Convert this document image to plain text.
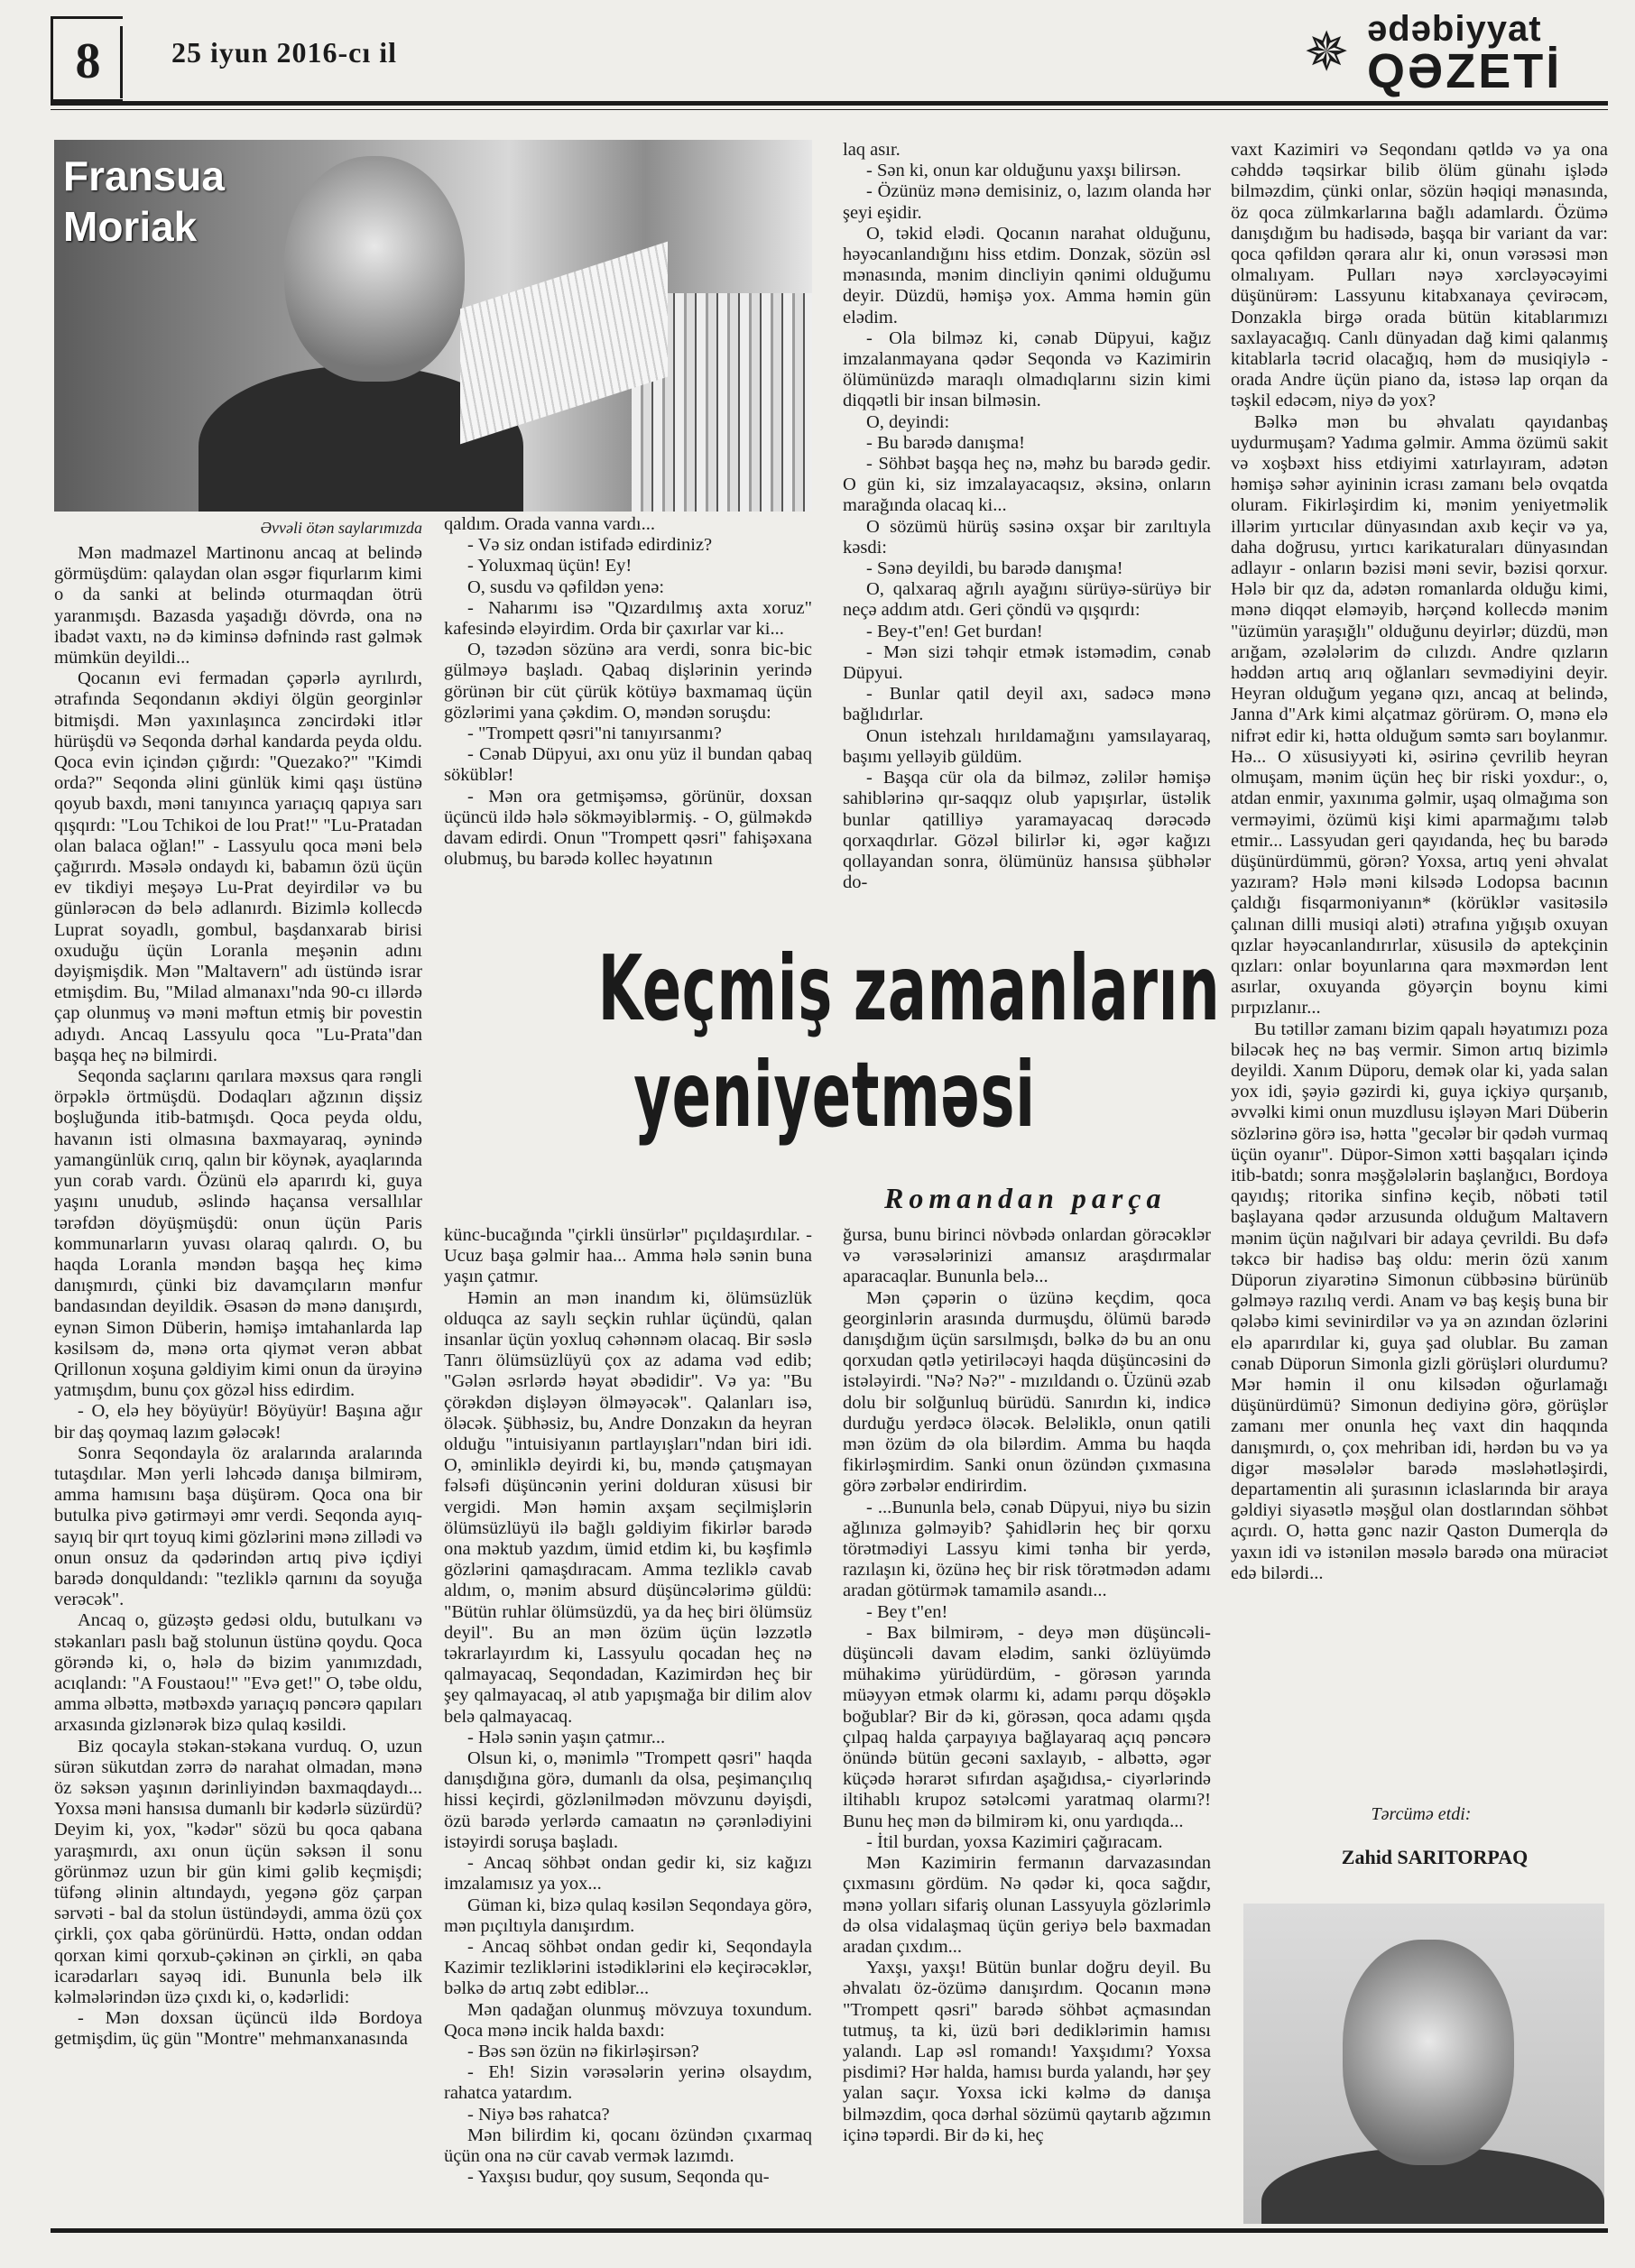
8	25 iyun 2016-cı il	✵ ədəbiyyat
QƏZETİ
Fransua
Moriak
Əvvəli ötən saylarımızda

Mən madmazel Martinonu ancaq at belində görmüşdüm: qalaydan olan əsgər fiqurlarım kimi o da sanki at belində oturmaqdan ötrü yaranmışdı. Bazasda yaşadığı dövrdə, ona nə ibadət vaxtı, nə də kiminsə dəfnində rast gəlmək mümkün deyildi...

Qocanın evi fermadan çəpərlə ayrılırdı, ətrafında Seqondanın əkdiyi ölgün georginlər bitmişdi. Mən yaxınlaşınca zəncirdəki itlər hürüşdü və Seqonda dərhal kandarda peyda oldu. Qoca evin içindən çığırdı: "Quezako?" "Kimdi orda?" Seqonda əlini günlük kimi qaşı üstünə qoyub baxdı, məni tanıyınca yarıaçıq qapıya sarı qışqırdı: "Lou Tchikoi de lou Prat!" "Lu-Pratadan olan balaca oğlan!" - Lassyulu qoca məni belə çağırırdı. Məsələ ondaydı ki, babamın özü üçün ev tikdiyi meşəyə Lu-Prat deyirdilər və bu günlərəcən də belə adlanırdı. Bizimlə kollecdə Luprat soyadlı, gombul, başdanxarab birisi oxuduğu üçün Loranla meşənin adını dəyişmişdik. Mən "Maltavern" adı üstündə israr etmişdim. Bu, "Milad almanaxı"nda 90-cı illərdə çap olunmuş və məni məftun etmiş bir povestin adıydı. Ancaq Lassyulu qoca "Lu-Prata"dan başqa heç nə bilmirdi.

Seqonda saçlarını qarılara məxsus qara rəngli örpəklə örtmüşdü. Dodaqları ağzının dişsiz boşluğunda itib-batmışdı. Qoca peyda oldu, havanın isti olmasına baxmayaraq, əynində yamangünlük cırıq, qalın bir köynək, ayaqlarında yun corab vardı. Özünü elə aparırdı ki, guya yaşını unudub, əslində haçansa versallılar tərəfdən döyüşmüşdü: onun üçün Paris kommunarların yuvası olaraq qalırdı. O, bu haqda Loranla məndən başqa heç kimə danışmırdı, çünki biz davamçıların mənfur bandasından deyildik. Əsasən də mənə danışırdı, eynən Simon Düberin, həmişə imtahanlarda lap kəsilsəm də, mənə orta qiymət verən abbat Qrillonun xoşuna gəldiyim kimi onun da ürəyinə yatmışdım, bunu çox gözəl hiss edirdim.

- O, elə hey böyüyür! Böyüyür! Başına ağır bir daş qoymaq lazım gələcək!

Sonra Seqondayla öz aralarında aralarında tutaşdılar. Mən yerli ləhcədə danışa bilmirəm, amma hamısını başa düşürəm. Qoca ona bir butulka pivə gətirməyi əmr verdi. Seqonda ayıq-sayıq bir qırt toyuq kimi gözlərini mənə zillədi və onun onsuz da qədərindən artıq pivə içdiyi barədə donquldandı: "tezliklə qarnını da soyuğa verəcək".

Ancaq o, güzəştə gedəsi oldu, butulkanı və stəkanları paslı bağ stolunun üstünə qoydu. Qoca görəndə ki, o, hələ də bizim yanımızdadı, acıqlandı: "A Foustaou!" "Evə get!" O, təbe oldu, amma əlbəttə, mətbəxdə yarıaçıq pəncərə qapıları arxasında gizlənərək bizə qulaq kəsildi.

Biz qocayla stəkan-stəkana vurduq. O, uzun sürən sükutdan zərrə də narahat olmadan, mənə öz səksən yaşının dərinliyindən baxmaqdaydı... Yoxsa məni hansısa dumanlı bir kədərlə süzürdü? Deyim ki, yox, "kədər" sözü bu qoca qabana yaraşmırdı, axı onun üçün səksən il sonu görünməz uzun bir gün kimi gəlib keçmişdi; tüfəng əlinin altındaydı, yegənə göz çarpan sərvəti - bal da stolun üstündəydi, amma özü çox çirkli, çox qaba görünürdü. Həttə, ondan oddan qorxan kimi qorxub-çəkinən ən çirkli, ən qaba icarədarları sayəq idi. Bununla belə ilk kəlmələrindən üzə çıxdı ki, o, kədərlidi:

- Mən doxsan üçüncü ildə Bordoya getmişdim, üç gün "Montre" mehmanxanasında

qaldım. Orada vanna vardı...

- Və siz ondan istifadə edirdiniz?

- Yoluxmaq üçün! Ey!

O, susdu və qəfildən yenə:

- Naharımı isə "Qızardılmış axta xoruz" kafesində eləyirdim. Orda bir çaxırlar var ki...

O, təzədən sözünə ara verdi, sonra bic-bic gülməyə başladı. Qabaq dişlərinin yerində görünən bir cüt çürük kötüyə baxmamaq üçün gözlərimi yana çəkdim. O, məndən soruşdu:

- "Trompett qəsri"ni tanıyırsanmı?

- Cənab Düpyui, axı onu yüz il bundan qabaq söküblər!

- Mən ora getmişəmsə, görünür, doxsan üçüncü ildə hələ sökməyiblərmiş. - O, gülməkdə davam edirdi. Onun "Trompett qəsri" fahişəxana olubmuş, bu barədə kollec həyatının

laq asır.

- Sən ki, onun kar olduğunu yaxşı bilirsən.

- Özünüz mənə demisiniz, o, lazım olanda hər şeyi eşidir.

O, təkid elədi. Qocanın narahat olduğunu, həyəcanlandığını hiss etdim. Donzak, sözün əsl mənasında, mənim dincliyin qənimi olduğumu deyir. Düzdü, həmişə yox. Amma həmin gün elədim.

- Ola bilməz ki, cənab Düpyui, kağız imzalanmayana qədər Seqonda və Kazimirin ölümünüzdə maraqlı olmadıqlarını sizin kimi diqqətli bir insan bilməsin.

O, deyindi:

- Bu barədə danışma!

- Söhbət başqa heç nə, məhz bu barədə gedir. O gün ki, siz imzalayacaqsız, əksinə, onların marağında olacaq ki...

O sözümü hürüş səsinə oxşar bir zarıltıyla kəsdi:

- Sənə deyildi, bu barədə danışma!

O, qalxaraq ağrılı ayağını sürüyə-sürüyə bir neçə addım atdı. Geri çöndü və qışqırdı:

- Bey-t"en! Get burdan!

- Mən sizi təhqir etmək istəmədim, cənab Düpyui.

- Bunlar qatil deyil axı, sadəcə mənə bağlıdırlar.

Onun istehzalı hırıldamağını yamsılayaraq, başımı yelləyib güldüm.

- Başqa cür ola da bilməz, zəlilər həmişə sahiblərinə qır-saqqız olub yapışırlar, üstəlik bunlar qatilliyə yaramayacaq dərəcədə qorxaqdırlar. Gözəl bilirlər ki, əgər kağızı qollayandan sonra, ölümünüz hansısa şübhələr do-

vaxt Kazimiri və Seqondanı qətldə və ya ona cəhddə təqsirkar bilib ölüm günahı işlədə bilməzdim, çünki onlar, sözün həqiqi mənasında, öz qoca zülmkarlarına bağlı adamlardı. Özümə danışdığım bu hadisədə, başqa bir variant da var: qoca qəfildən qərara alır ki, onun vərəsəsi mən olmalıyam. Pulları nəyə xərcləyəcəyimi düşünürəm: Lassyunu kitabxanaya çevirəcəm, Donzakla birgə orada bütün kitablarımızı saxlayacağıq. Canlı dünyadan dağ kimi qalanmış kitablarla təcrid olacağıq, həm də musiqiylə - orada Andre üçün piano da, istəsə lap orqan da təşkil edəcəm, niyə də yox?

Bəlkə mən bu əhvalatı qayıdanbaş uydurmuşam? Yadıma gəlmir. Amma özümü sakit və xoşbəxt hiss etdiyimi xatırlayıram, adətən həmişə səhər ayininin icrası zamanı belə ovqatda oluram. Fikirləşirdim ki, mənim yeniyetməlik illərim yırtıcılar dünyasından axıb keçir və ya, daha doğrusu, yırtıcı karikaturaları dünyasından adlayır - onların bəzisi məni sevir, bəzisi qorxur. Hələ bir qız da, adətən romanlarda olduğu kimi, mənə diqqət eləməyib, hərçənd kollecdə mənim "üzümün yaraşığlı" olduğunu deyirlər; düzdü, mən arığam, əzələlərim də cılızdı. Andre qızların həddən artıq arıq oğlanları sevmədiyini deyir. Heyran olduğum yeganə qızı, ancaq at belində, Janna d"Ark kimi alçatmaz görürəm. O, mənə elə nifrət edir ki, hətta olduğum səmtə sarı boylanmır. Hə... O xüsusiyyəti ki, əsirinə çevrilib heyran olmuşam, mənim üçün heç bir riski yoxdur:, o, atdan enmir, yaxınıma gəlmir, uşaq olmağıma son verməyimi, özümü kişi kimi aparmağımı tələb etmir... Lassyudan geri qayıdanda, heç bu barədə düşünürdümmü, görən? Yoxsa, artıq yeni əhvalat yazıram? Hələ məni kilsədə Lodopsa bacının çaldığı fisqarmoniyanın* (körüklər vasitəsilə çalınan dilli musiqi aləti) ətrafına yığışıb oxuyan qızlar həyəcanlandırırlar, xüsusilə də aptekçinin qızları: onlar boyunlarına qara məxmərdən lent asırlar, oxuyanda göyərçin boynu kimi pırpızlanır...

Bu tətillər zamanı bizim qapalı həyatımızı poza biləcək heç nə baş vermir. Simon artıq bizimlə deyildi. Xanım Düporu, demək olar ki, yada salan yox idi, şəyiə gəzirdi ki, guya içkiyə qurşanıb, əvvəlki kimi onun muzdlusu işləyən Mari Düberin sözlərinə görə isə, hətta "gecələr bir qədəh vurmaq üçün oyanır". Düpor-Simon xətti başqaları içində itib-batdı; sonra məşğələlərin başlanğıcı, Bordoya qayıdış; ritorika sinfinə keçib, nöbəti tətil başlayana qədər arzusunda olduğum Maltavern mənim üçün nağılvari bir adaya çevrildi. Bu dəfə təkcə bir hadisə baş oldu: merin özü xanım Düporun ziyarətinə Simonun cübbəsinə bürünüb gəlməyə razılıq verdi. Anam və baş keşiş buna bir qələbə kimi sevinirdilər və ya ən azından özlərini elə aparırdılar ki, guya şad olublar. Bu zaman cənab Düporun Simonla gizli görüşləri olurdumu? Mər həmin il onu kilsədən oğurlamağı düşünürdümü? Simonun dediyinə görə, görüşlər zamanı mer onunla heç vaxt din haqqında danışmırdı, o, çox mehriban idi, hərdən bu və ya digər məsələlər barədə məsləhətləşirdi, departamentin ali şurasının iclaslarında bir araya gəldiyi siyasətlə məşğul olan dostlarından söhbət açırdı. O, hətta gənc nazir Qaston Dumerqla də yaxın idi və istənilən məsələ barədə ona müraciət edə bilərdi...

Keçmiş zamanların
yeniyetməsi
Romandan parça

künc-bucağında "çirkli ünsürlər" pıçıldaşırdılar. - Ucuz başa gəlmir haa... Amma hələ sənin buna yaşın çatmır.

Həmin an mən inandım ki, ölümsüzlük olduqca az saylı seçkin ruhlar üçündü, qalan insanlar üçün yoxluq cəhənnəm olacaq. Bir səslə Tanrı ölümsüzlüyü çox az adama vəd edib; "Gələn əsrlərdə həyat əbədidir". Və ya: "Bu çörəkdən dişləyən ölməyəcək". Qalanları isə, öləcək. Şübhəsiz, bu, Andre Donzakın da heyran olduğu "intuisiyanın partlayışları"ndan biri idi. O, əminliklə deyirdi ki, bu, məndə çatışmayan fəlsəfi düşüncənin yerini dolduran xüsusi bir vergidi. Mən həmin axşam seçilmişlərin ölümsüzlüyü ilə bağlı gəldiyim fikirlər barədə ona məktub yazdım, ümid etdim ki, bu kəşfimlə gözlərini qamaşdıracam. Amma tezliklə cavab aldım, o, mənim absurd düşüncələrimə güldü: "Bütün ruhlar ölümsüzdü, ya da heç biri ölümsüz deyil". Bu an mən özüm üçün ləzzətlə təkrarlayırdım ki, Lassyulu qocadan heç nə qalmayacaq, Seqondadan, Kazimirdən heç bir şey qalmayacaq, əl atıb yapışmağa bir dilim alov belə qalmayacaq.

- Hələ sənin yaşın çatmır...

Olsun ki, o, mənimlə "Trompett qəsri" haqda danışdığına görə, dumanlı da olsa, peşimançılıq hissi keçirdi, gözlənilmədən mövzunu dəyişdi, özü barədə yerlərdə camaatın nə çərənlədiyini istəyirdi soruşa başladı.

- Ancaq söhbət ondan gedir ki, siz kağızı imzalamısız ya yox...

Güman ki, bizə qulaq kəsilən Seqondaya görə, mən pıçıltıyla danışırdım.

- Ancaq söhbət ondan gedir ki, Seqondayla Kazimir tezliklərini istədiklərini elə keçirəcəklər, bəlkə də artıq zəbt ediblər...

Mən qadağan olunmuş mövzuya toxundum. Qoca mənə incik halda baxdı:

- Bəs sən özün nə fikirləşirsən?

- Eh! Sizin vərəsələrin yerinə olsaydım, rahatca yatardım.

- Niyə bəs rahatca?

Mən bilirdim ki, qocanı özündən çıxarmaq üçün ona nə cür cavab vermək lazımdı.

- Yaxşısı budur, qoy susum, Seqonda qu-

ğursa, bunu birinci növbədə onlardan görəcəklər və vərəsələrinizi amansız araşdırmalar aparacaqlar. Bununla belə...

Mən çəpərin o üzünə keçdim, qoca georginlərin arasında durmuşdu, ölümü barədə danışdığım üçün sarsılmışdı, bəlkə də bu an onu qorxudan qətlə yetiriləcəyi haqda düşüncəsini də istələyirdi. "Nə? Nə?" - mızıldandı o. Üzünü əzab dolu bir solğunluq bürüdü. Sanırdın ki, indicə durduğu yerdəcə öləcək. Beləliklə, onun qatili mən özüm də ola bilərdim. Amma bu haqda fikirləşmirdim. Sanki onun özündən çıxmasına görə zərbələr endirirdim.

- ...Bununla belə, cənab Düpyui, niyə bu sizin ağlınıza gəlməyib? Şahidlərin heç bir qorxu törətmədiyi Lassyu kimi tənha bir yerdə, razılaşın ki, özünə heç bir risk törətmədən adamı aradan götürmək tamamilə asandı...

- Bey t"en!

- Bax bilmirəm, - deyə mən düşüncəli-düşüncəli davam elədim, sanki özlüyümdə mühakimə yürüdürdüm, - görəsən yarında müəyyən etmək olarmı ki, adamı pərqu döşəklə boğublar? Bir də ki, görəsən, qoca adamı qışda çılpaq halda çarpayıya bağlayaraq açıq pəncərə önündə bütün gecəni saxlayıb, - albəttə, əgər küçədə hərarət sıfırdan aşağıdısa,- ciyərlərində iltihablı krupoz sətəlcəmi yaratmaq olarmı?! Bunu heç mən də bilmirəm ki, onu yardıqda...

- İtil burdan, yoxsa Kazimiri çağıracam.

Mən Kazimirin fermanın darvazasından çıxmasını gördüm. Nə qədər ki, qoca sağdır, mənə yolları sifariş olunan Lassyuyla gözlərimlə də olsa vidalaşmaq üçün geriyə belə baxmadan aradan çıxdım...

Yaxşı, yaxşı! Bütün bunlar doğru deyil. Bu əhvalatı öz-özümə danışırdım. Qocanın mənə "Trompett qəsri" barədə söhbət açmasından tutmuş, ta ki, üzü bəri dediklərimin hamısı yalandı. Lap əsl romandı! Yaxşıdımı? Yoxsa pisdimi? Hər halda, hamısı burda yalandı, hər şey yalan saçır. Yoxsa icki kəlmə də danışa bilməzdim, qoca dərhal sözümü qaytarıb ağzımın içinə təpərdi. Bir də ki, heç

Tərcümə etdi:
Zahid SARITORPAQ
